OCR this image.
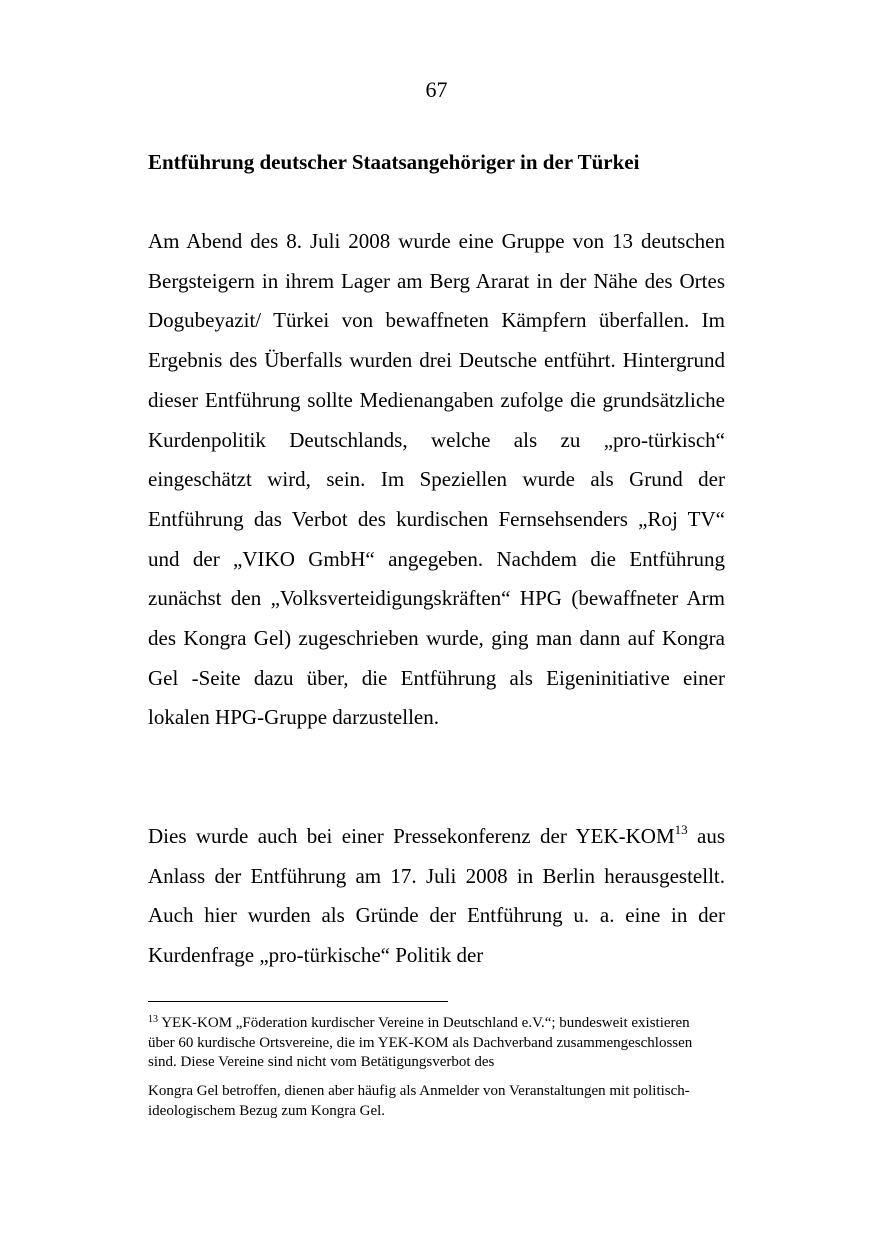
67
Entführung deutscher Staatsangehöriger in der Türkei

Am Abend des 8. Juli 2008 wurde eine Gruppe von 13 deutschen Bergsteigern in ihrem Lager am Berg Ararat in der Nähe des Ortes Dogubeyazit/ Türkei von bewaffneten Kämpfern überfallen. Im Ergebnis des Überfalls wurden drei Deutsche entführt. Hintergrund dieser Entführung sollte Medienangaben zufolge die grundsätzliche Kurdenpolitik Deutschlands, welche als zu „pro-türkisch“ eingeschätzt wird, sein. Im Speziellen wurde als Grund der Entführung das Verbot des kurdischen Fernsehsenders „Roj TV“ und der „VIKO GmbH“ angegeben. Nachdem die Entführung zunächst den „Volksverteidigungskräften“ HPG (bewaffneter Arm des Kongra Gel) zugeschrieben wurde, ging man dann auf Kongra Gel -Seite dazu über, die Entführung als Eigeninitiative einer lokalen HPG-Gruppe darzustellen.

Dies wurde auch bei einer Pressekonferenz der YEK-KOM$^{13}$ aus Anlass der Entführung am 17. Juli 2008 in Berlin herausgestellt. Auch hier wurden als Gründe der Entführung u. a. eine in der Kurdenfrage „pro-türkische“ Politik der

$^{13}$ YEK-KOM „Föderation kurdischer Vereine in Deutschland e.V.“; bundesweit existieren über 60 kurdische Ortsvereine, die im YEK-KOM als Dachverband zusammengeschlossen sind. Diese Vereine sind nicht vom Betätigungsverbot des

Kongra Gel betroffen, dienen aber häufig als Anmelder von Veranstaltungen mit politisch-ideologischem Bezug zum Kongra Gel.
